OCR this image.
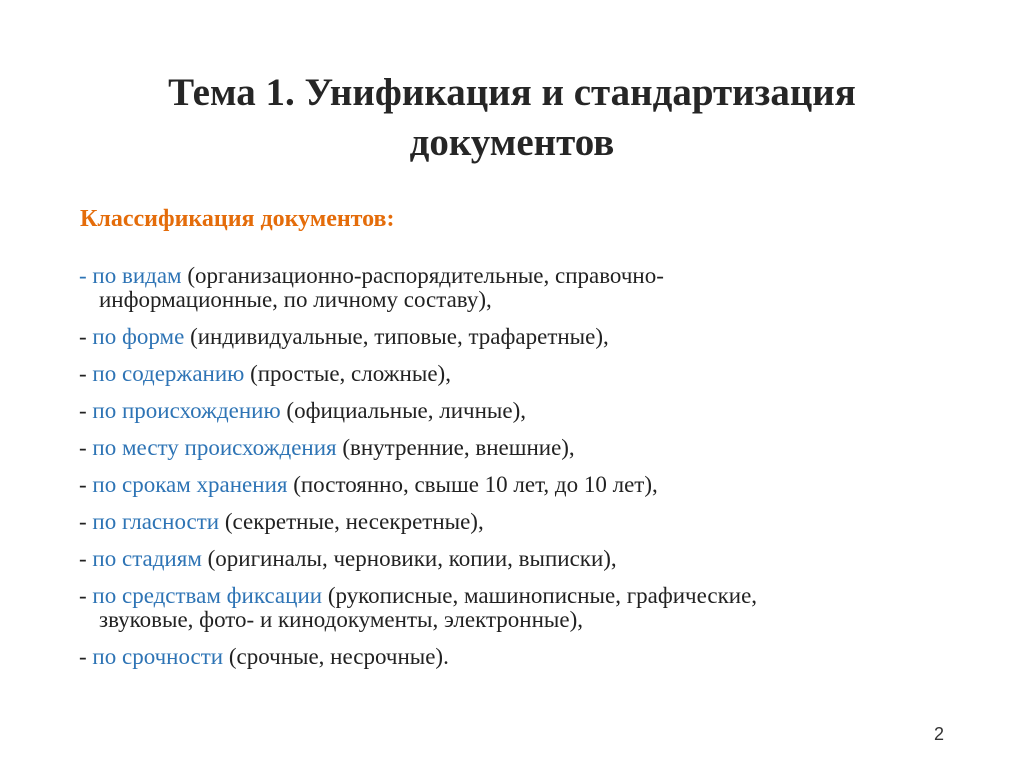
Тема 1. Унификация и стандартизация
документов
Классификация документов:
- по видам (организационно-распорядительные, справочно-
информационные, по личному составу),
- по форме (индивидуальные, типовые, трафаретные),
- по содержанию (простые, сложные),
- по происхождению (официальные, личные),
- по месту происхождения (внутренние, внешние),
- по срокам хранения (постоянно, свыше 10 лет, до 10 лет),
- по гласности (секретные, несекретные),
- по стадиям (оригиналы, черновики, копии, выписки),
- по средствам фиксации (рукописные, машинописные, графические,
звуковые, фото- и кинодокументы, электронные),
- по срочности (срочные, несрочные).
2
